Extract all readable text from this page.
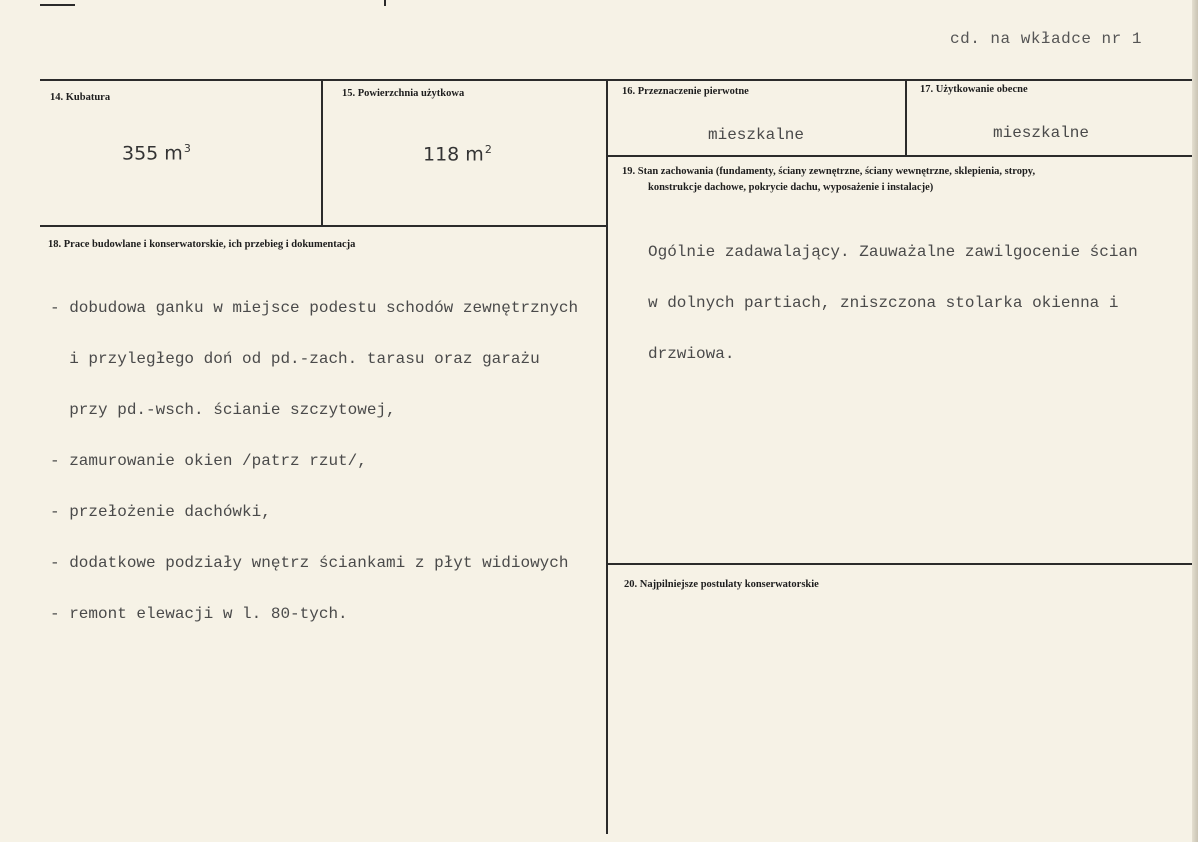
cd. na wkładce nr 1
14. Kubatura
355 $m^3$
15. Powierzchnia użytkowa
118 $m^2$
16. Przeznaczenie pierwotne
mieszkalne
17. Użytkowanie obecne
mieszkalne
18. Prace budowlane i konserwatorskie, ich przebieg i dokumentacja

- dobudowa ganku w miejsce podestu schodów zewnętrznych

i przyległego doń od pd.-zach. tarasu oraz garażu

przy pd.-wsch. ścianie szczytowej,

- zamurowanie okien /patrz rzut/,

- przełożenie dachówki,

- dodatkowe podziały wnętrz ściankami z płyt widiowych

- remont elewacji w l. 80-tych.

19. Stan zachowania (fundamenty, ściany zewnętrzne, ściany wewnętrzne, sklepienia, stropy,
konstrukcje dachowe, pokrycie dachu, wyposażenie i instalacje)

Ogólnie zadawalający. Zauważalne zawilgocenie ścian

w dolnych partiach, zniszczona stolarka okienna i

drzwiowa.

20. Najpilniejsze postulaty konserwatorskie
